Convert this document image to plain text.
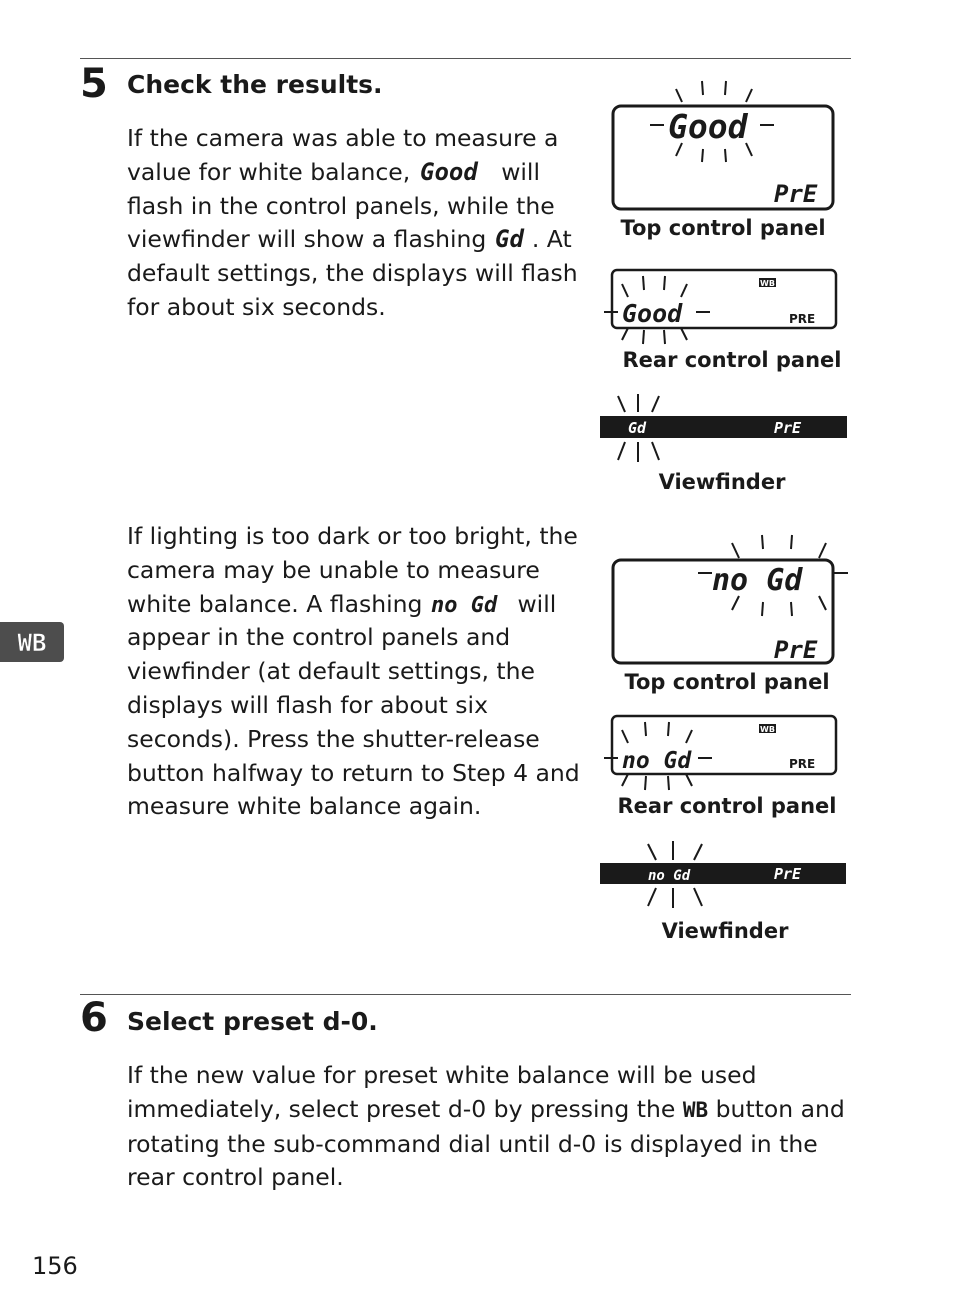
5 Check the results.
If the camera was able to measure a
value for white balance, Good will
flash in the control panels, while the
viewfinder will show a flashing Gd . At
default settings, the displays will flash
for about six seconds.
If lighting is too dark or too bright, the
camera may be unable to measure
white balance. A flashing no Gd will
appear in the control panels and
viewfinder (at default settings, the
displays will flash for about six
seconds). Press the shutter-release
button halfway to return to Step 4 and
measure white balance again.
Good
PrE
Top control panel
Good
WB
PRE
Rear control panel
Gd	PrE
Viewfinder
no Gd
PrE
Top control panel
no Gd
WB
PRE
Rear control panel
no Gd	PrE
Viewfinder
WB
6 Select preset d-0.
If the new value for preset white balance will be used
immediately, select preset d-0 by pressing the WB button and
rotating the sub-command dial until d-0 is displayed in the
rear control panel.
156
